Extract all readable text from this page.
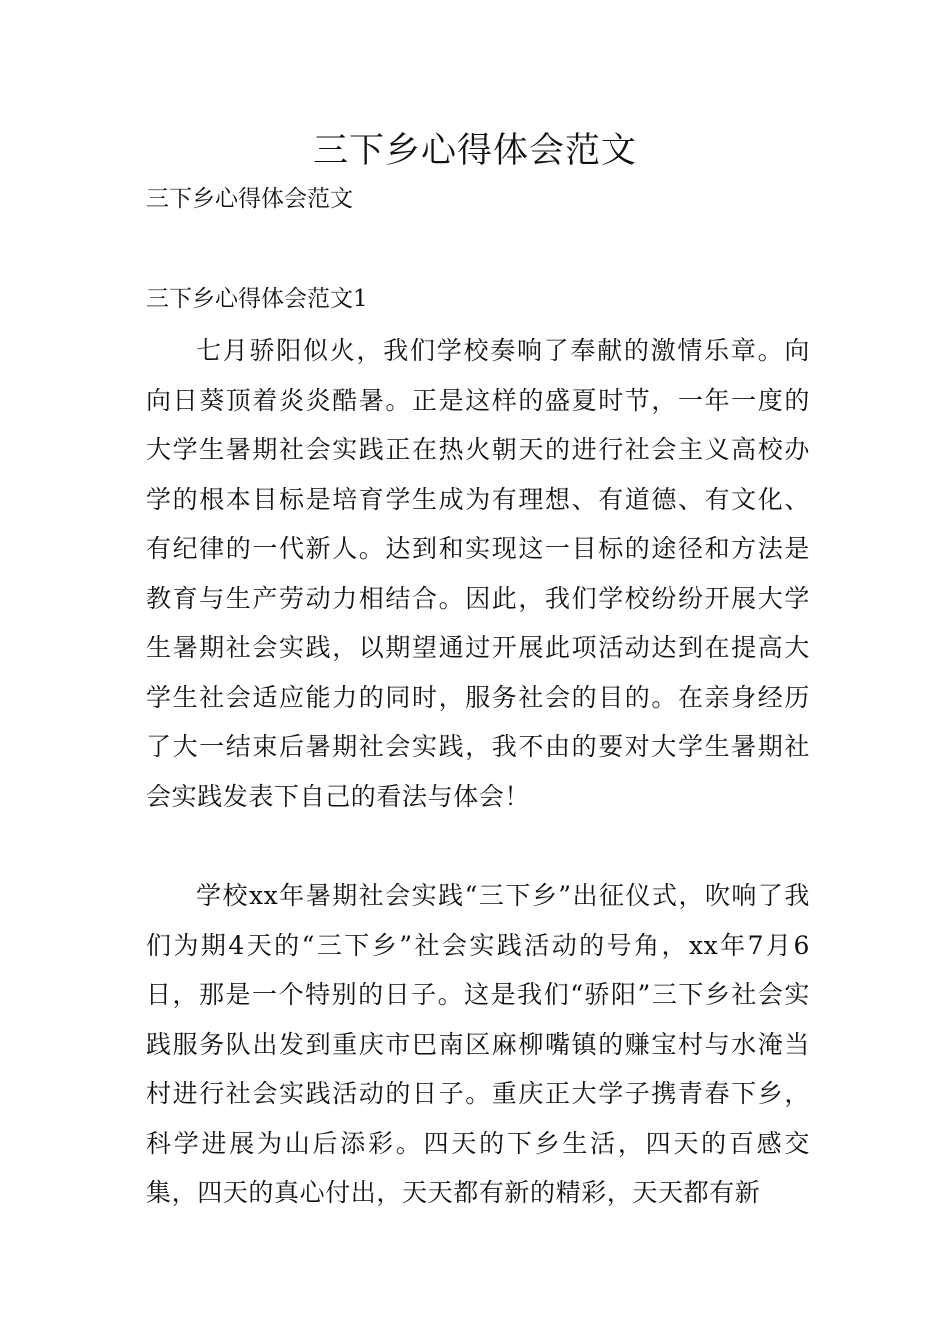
三下乡心得体会范文

三下乡心得体会范文

三下乡心得体会范文1

七月骄阳似火，我们学校奏响了奉献的激情乐章。向向日葵顶着炎炎酷暑。正是这样的盛夏时节，一年一度的大学生暑期社会实践正在热火朝天的进行社会主义高校办学的根本目标是培育学生成为有理想、有道德、有文化、有纪律的一代新人。达到和实现这一目标的途径和方法是教育与生产劳动力相结合。因此，我们学校纷纷开展大学生暑期社会实践，以期望通过开展此项活动达到在提高大学生社会适应能力的同时，服务社会的目的。在亲身经历了大一结束后暑期社会实践，我不由的要对大学生暑期社会实践发表下自己的看法与体会！

学校xx年暑期社会实践“三下乡”出征仪式，吹响了我们为期4天的“三下乡”社会实践活动的号角，xx年7月6日，那是一个特别的日子。这是我们“骄阳”三下乡社会实践服务队出发到重庆市巴南区麻柳嘴镇的赚宝村与水淹当村进行社会实践活动的日子。重庆正大学子携青春下乡，科学进展为山后添彩。四天的下乡生活，四天的百感交集，四天的真心付出，天天都有新的精彩，天天都有新
